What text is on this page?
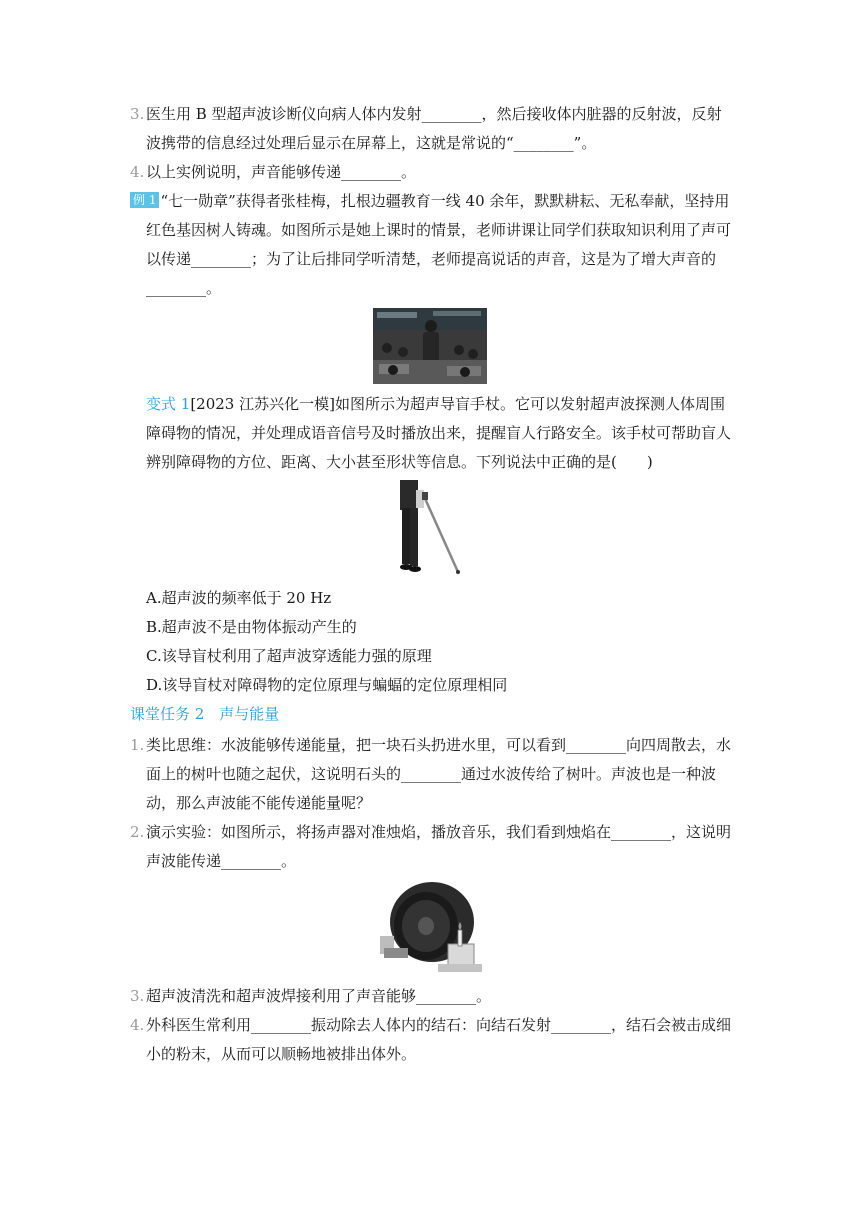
3. 医生用 B 型超声波诊断仪向病人体内发射________，然后接收体内脏器的反射波，反射波携带的信息经过处理后显示在屏幕上，这就是常说的“________”。
4. 以上实例说明，声音能够传递________。
例 1 “七一勋章”获得者张桂梅，扎根边疆教育一线 40 余年，默默耕耘、无私奉献，坚持用红色基因树人铸魂。如图所示是她上课时的情景，老师讲课让同学们获取知识利用了声可以传递________；为了让后排同学听清楚，老师提高说话的声音，这是为了增大声音的________。
变式 1[2023 江苏兴化一模]如图所示为超声导盲手杖。它可以发射超声波探测人体周围障碍物的情况，并处理成语音信号及时播放出来，提醒盲人行路安全。该手杖可帮助盲人辨别障碍物的方位、距离、大小甚至形状等信息。下列说法中正确的是(　　)
A.超声波的频率低于 20 Hz
B.超声波不是由物体振动产生的
C.该导盲杖利用了超声波穿透能力强的原理
D.该导盲杖对障碍物的定位原理与蝙蝠的定位原理相同
课堂任务 2　声与能量
1. 类比思维：水波能够传递能量，把一块石头扔进水里，可以看到________向四周散去，水面上的树叶也随之起伏，这说明石头的________通过水波传给了树叶。声波也是一种波动，那么声波能不能传递能量呢？
2. 演示实验：如图所示，将扬声器对准烛焰，播放音乐，我们看到烛焰在________，这说明声波能传递________。
3. 超声波清洗和超声波焊接利用了声音能够________。
4. 外科医生常利用________振动除去人体内的结石：向结石发射________，结石会被击成细小的粉末，从而可以顺畅地被排出体外。
